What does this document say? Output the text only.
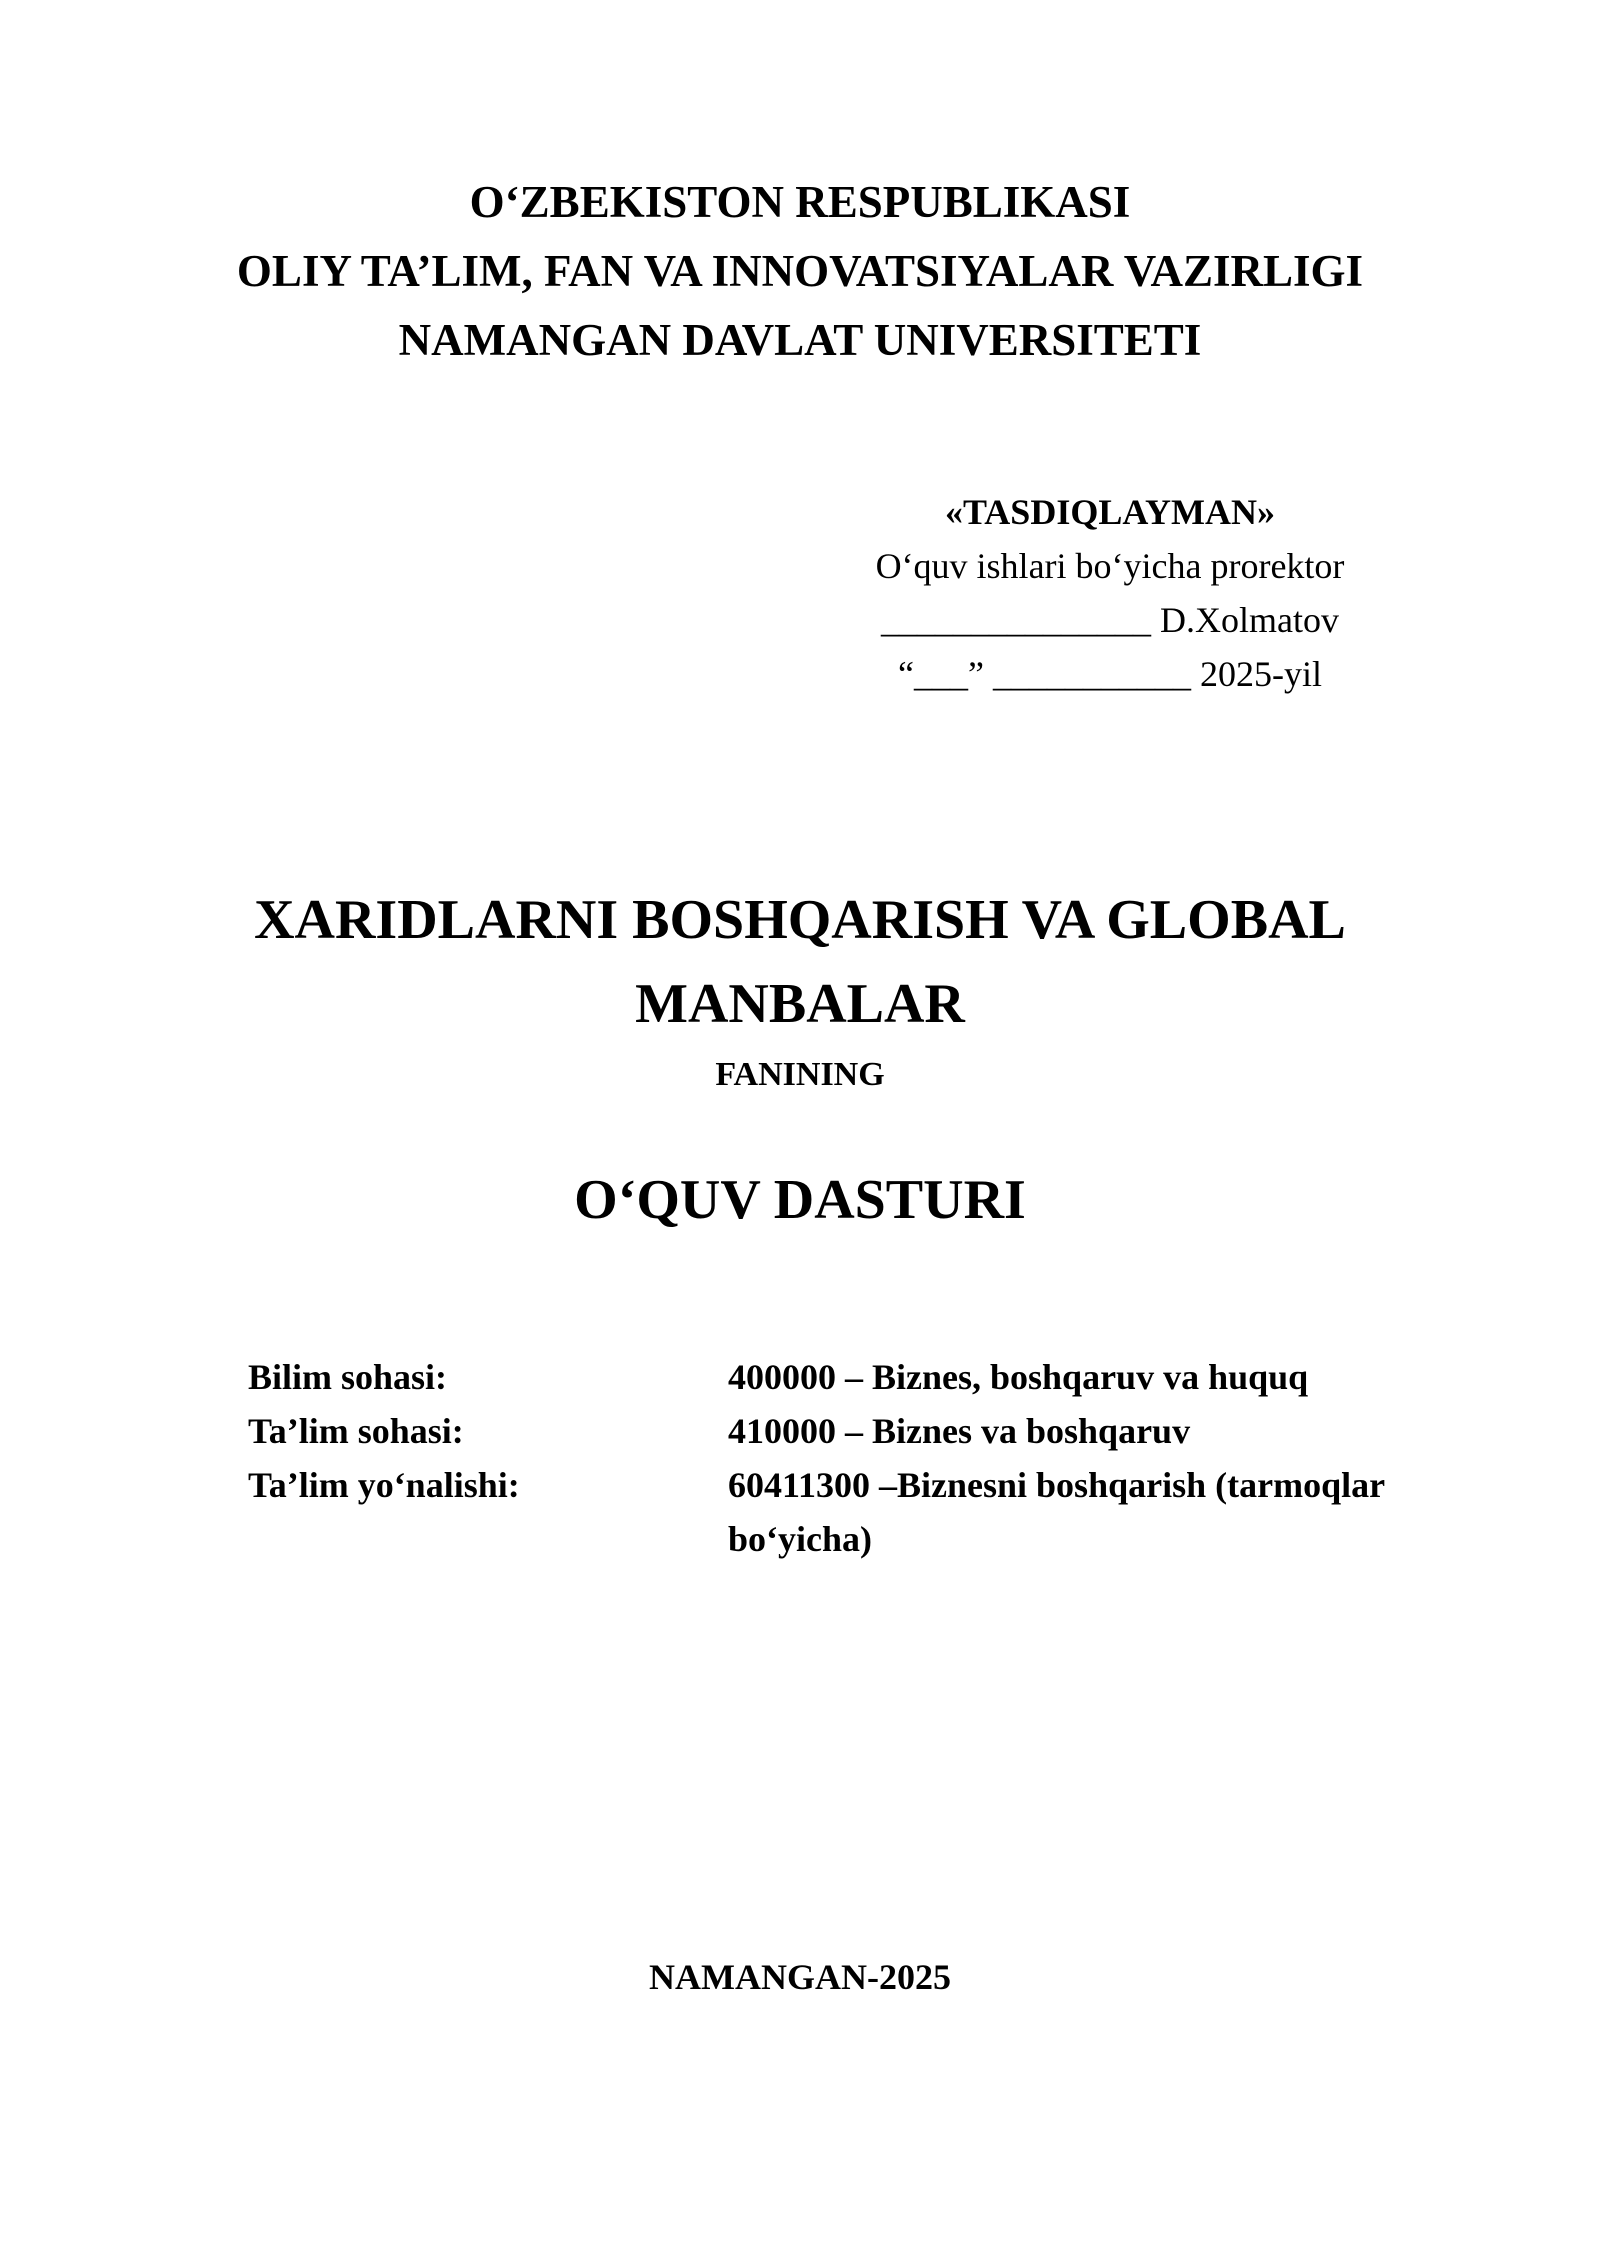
O‘ZBEKISTON RESPUBLIKASI
OLIY TA’LIM, FAN VA INNOVATSIYALAR VAZIRLIGI
NAMANGAN DAVLAT UNIVERSITETI
«TASDIQLAYMAN»
O‘quv ishlari bo‘yicha prorektor
_______________ D.Xolmatov
“___” ___________ 2025-yil
XARIDLARNI BOSHQARISH VA GLOBAL
MANBALAR
FANINING
O‘QUV DASTURI
Bilim sohasi:	400000 – Biznes, boshqaruv va huquq
Ta’lim sohasi:	410000 – Biznes va boshqaruv
Ta’lim yo‘nalishi:	60411300 –Biznesni boshqarish (tarmoqlar bo‘yicha)
NAMANGAN-2025
